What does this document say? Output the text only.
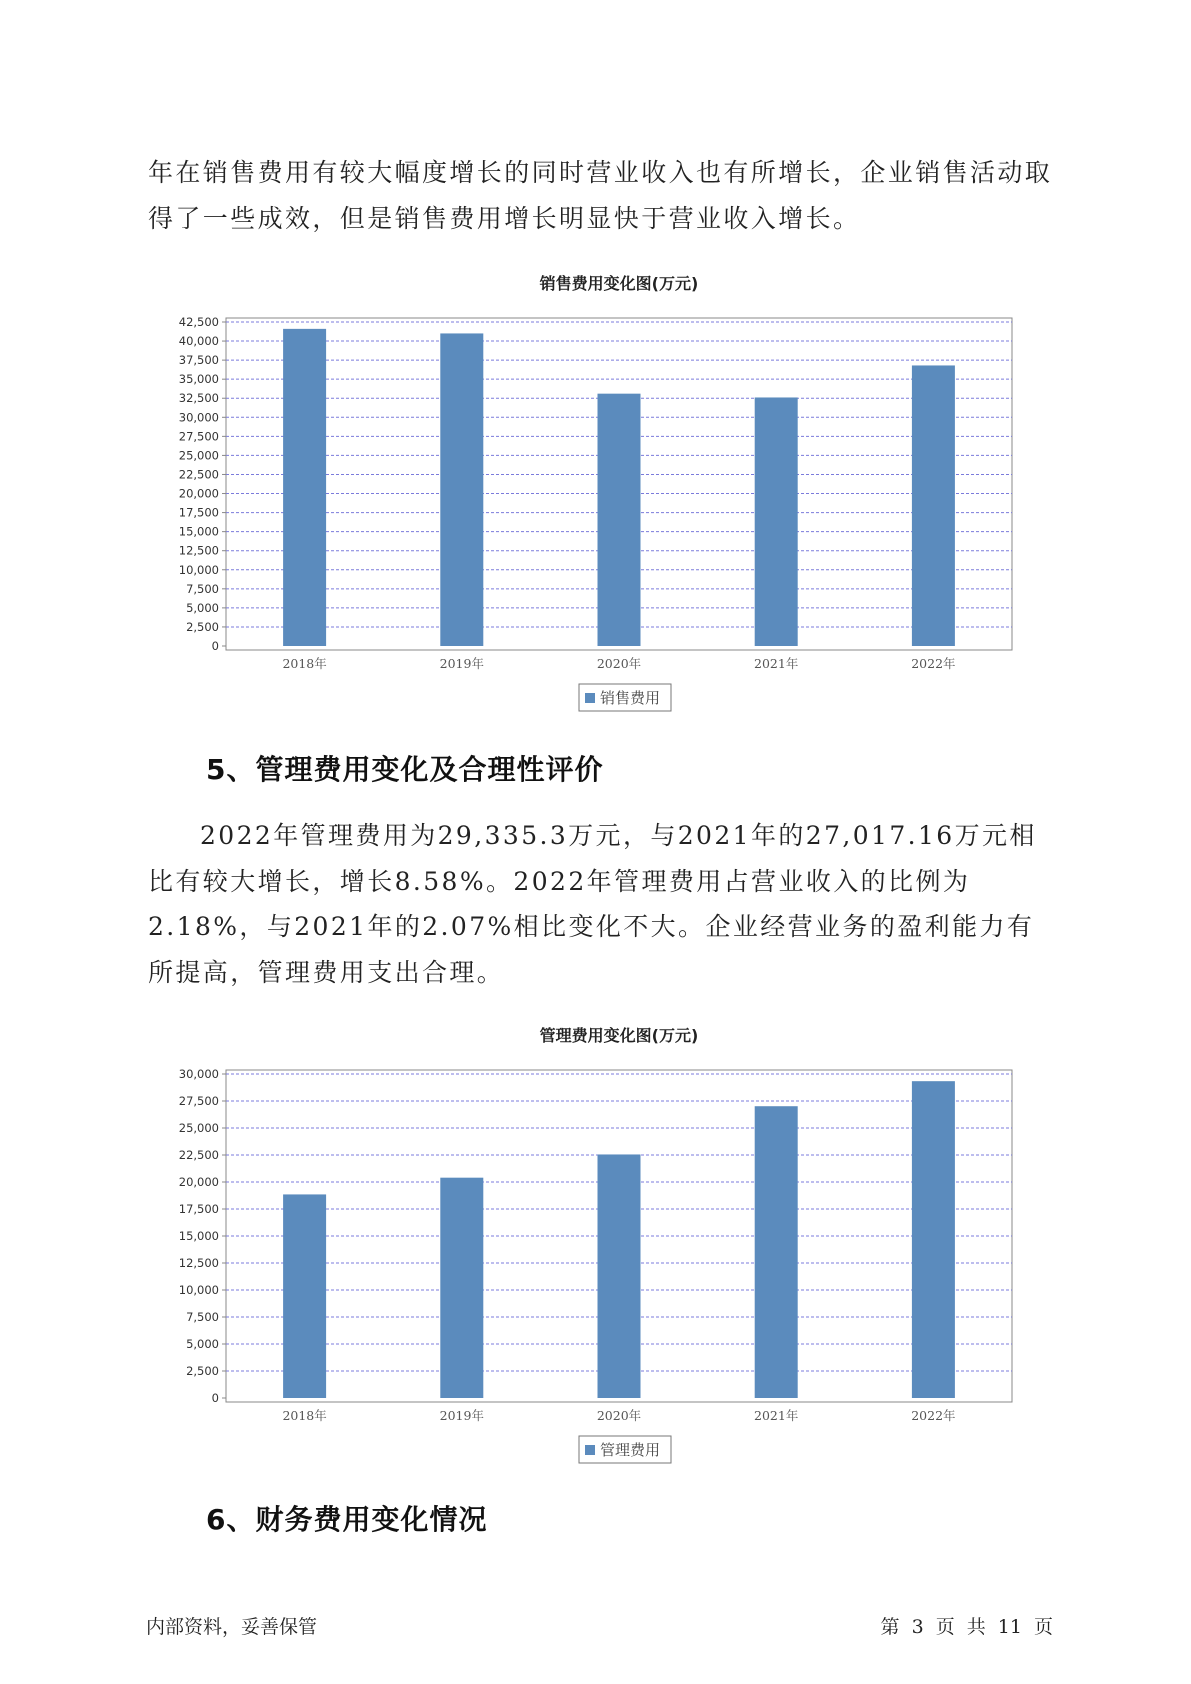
年在销售费用有较大幅度增长的同时营业收入也有所增长，企业销售活动取得了一些成效，但是销售费用增长明显快于营业收入增长。

销售费用变化图(万元)
0
2,500
5,000
7,500
10,000
12,500
15,000
17,500
20,000
22,500
25,000
27,500
30,000
32,500
35,000
37,500
40,000
42,500
2018年	2019年	2020年	2021年	2022年
销售费用
5、管理费用变化及合理性评价

2022年管理费用为29,335.3万元，与2021年的27,017.16万元相比有较大增长，增长8.58%。2022年管理费用占营业收入的比例为2.18%，与2021年的2.07%相比变化不大。企业经营业务的盈利能力有所提高，管理费用支出合理。

管理费用变化图(万元)
0
2,500
5,000
7,500
10,000
12,500
15,000
17,500
20,000
22,500
25,000
27,500
30,000
2018年	2019年	2020年	2021年	2022年
管理费用
6、财务费用变化情况

内部资料，妥善保管	第 3 页 共 11 页
